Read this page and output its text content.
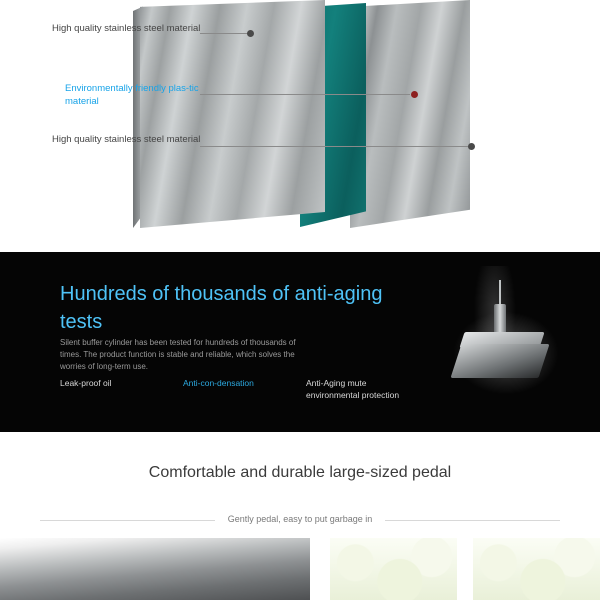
High quality stainless steel material
Environmentally friendly plas-tic material
High quality stainless steel material
Hundreds of thousands of anti-aging tests
Silent buffer cylinder has been tested for hundreds of thousands of times. The product function is stable and reliable, which solves the worries of long-term use.
Leak-proof oil	Anti-con-densation	Anti-Aging mute environmental protection
Comfortable and durable large-sized pedal
Gently pedal, easy to put garbage in
